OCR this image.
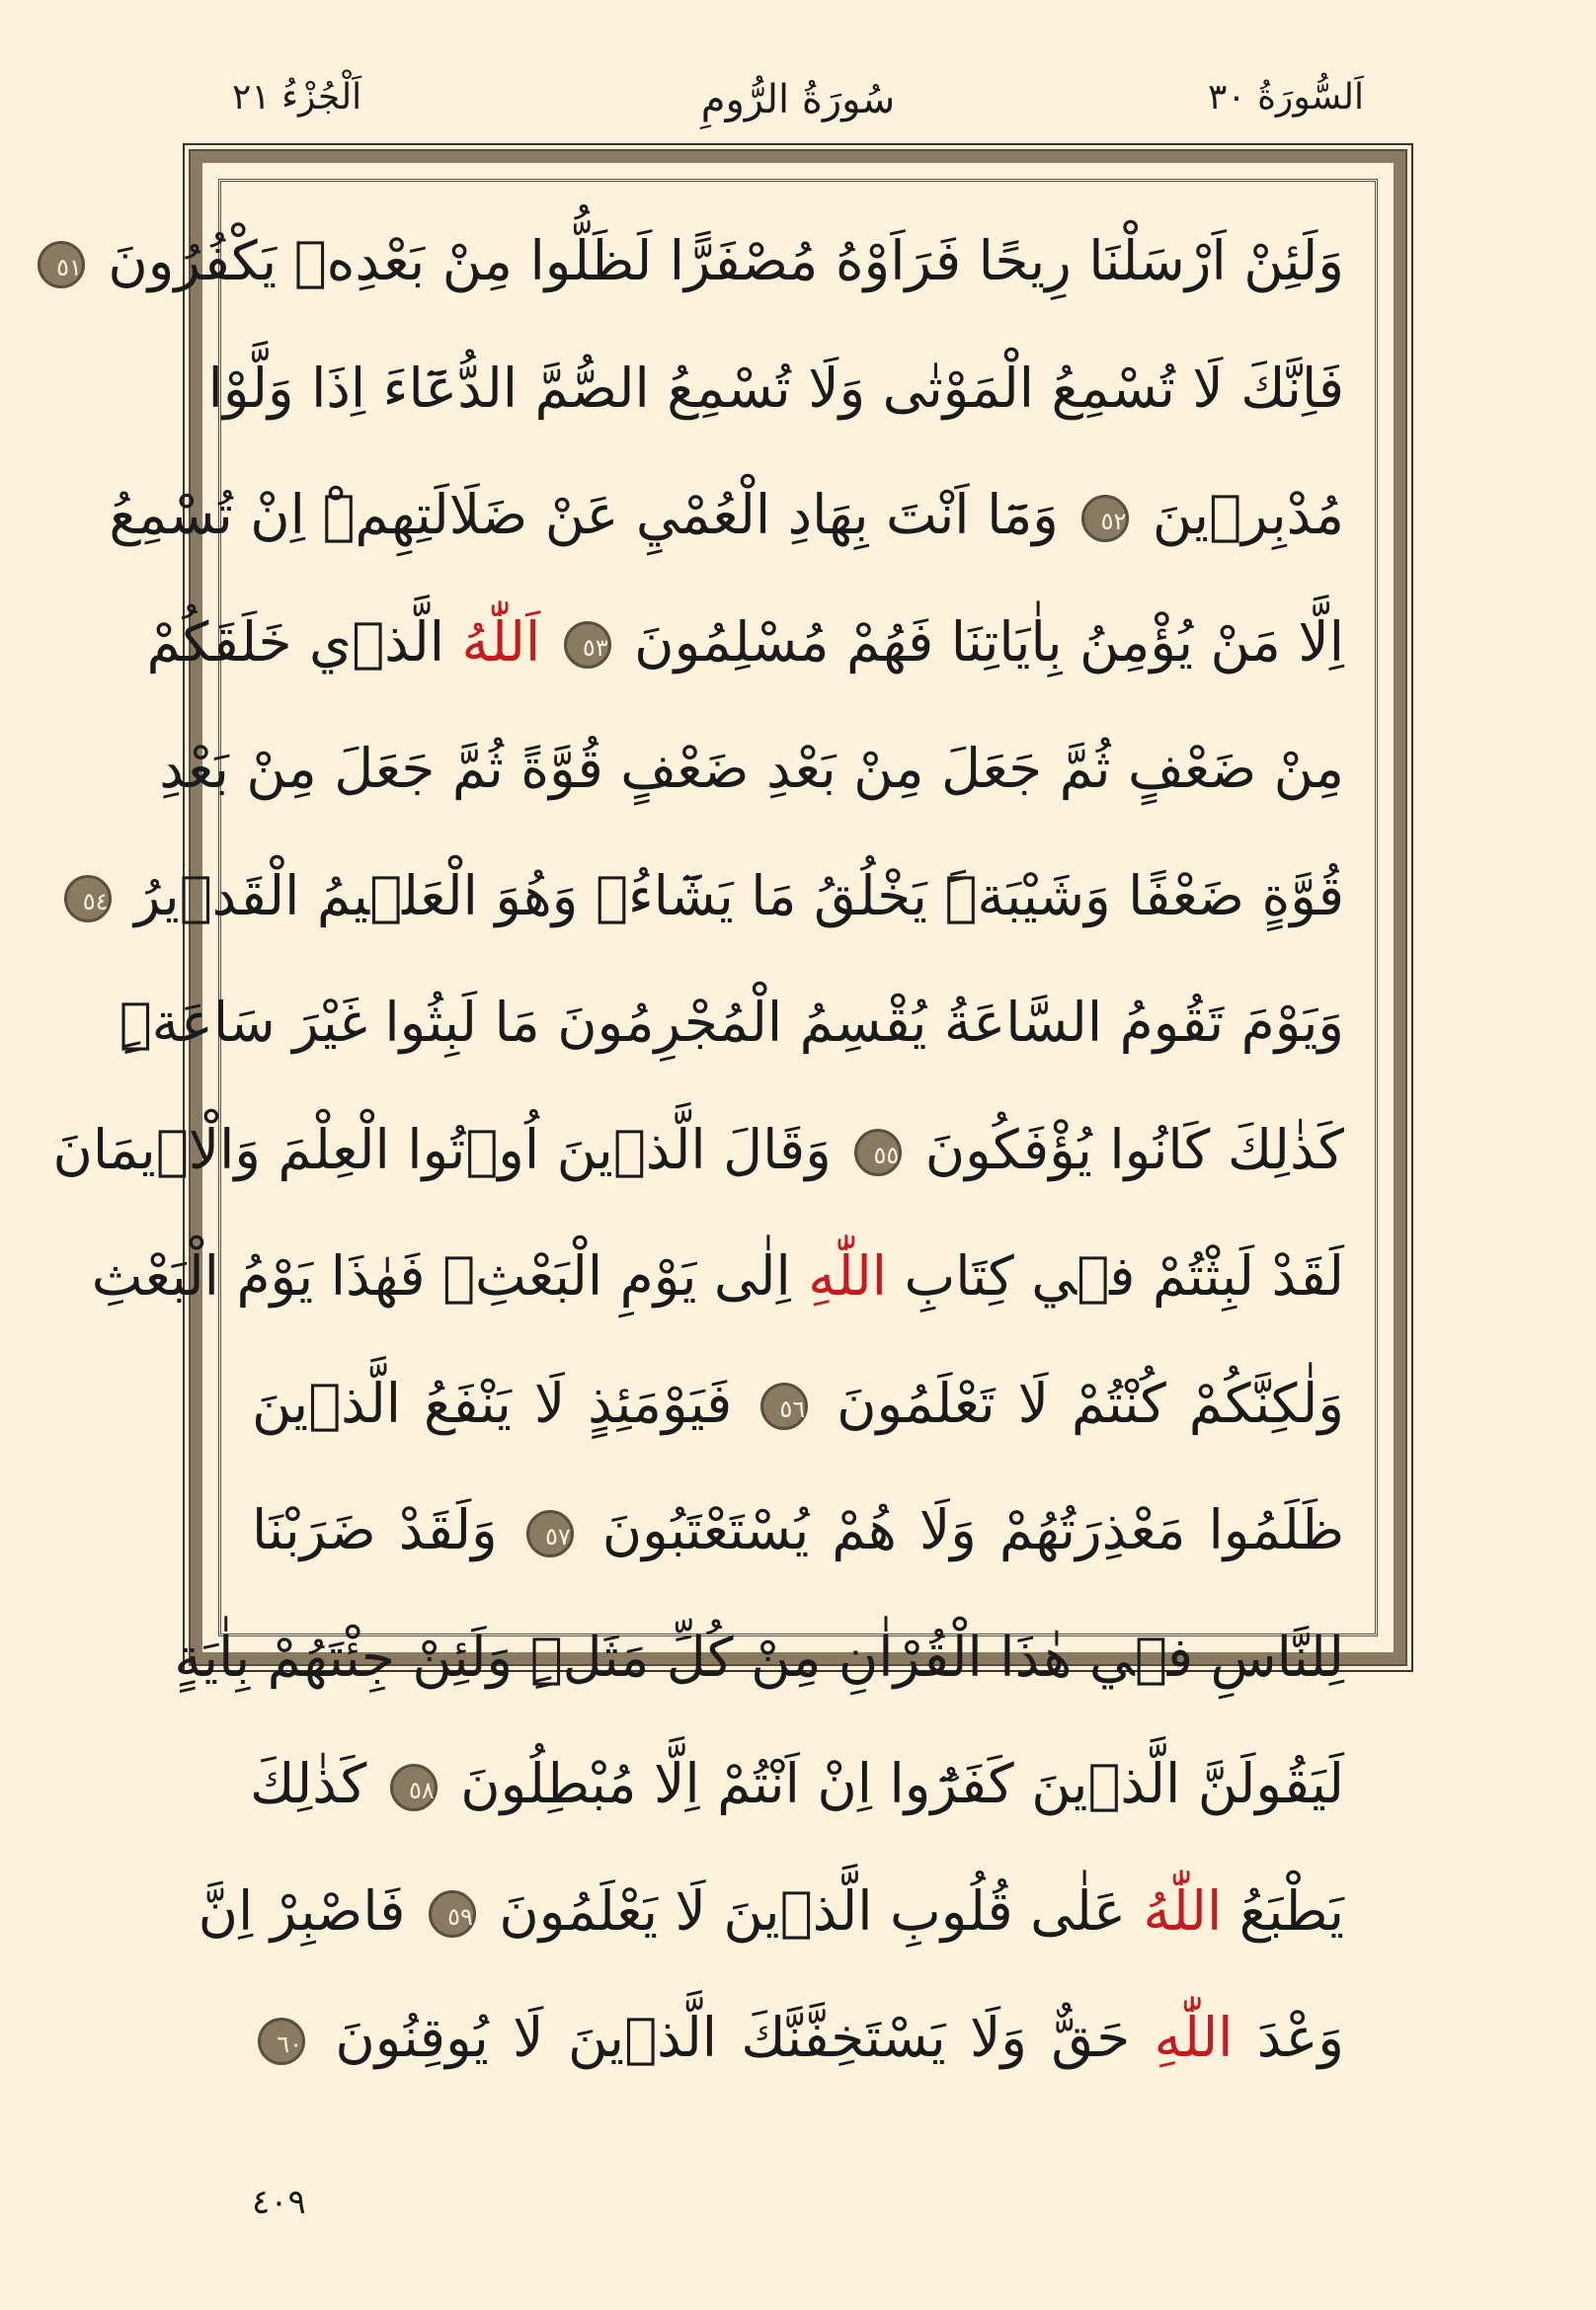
اَلسُّورَةُ ٣٠
سُورَةُ الرُّومِ
اَلْجُزْءُ ٢١
وَلَئِنْ اَرْسَلْنَا رِيحًا فَرَاَوْهُ مُصْفَرًّا لَظَلُّوا مِنْ بَعْدِه۪ يَكْفُرُونَ ٥١
فَاِنَّكَ لَا تُسْمِعُ الْمَوْتٰى وَلَا تُسْمِعُ الصُّمَّ الدُّعَٓاءَ اِذَا وَلَّوْا
مُدْبِر۪ينَ ٥٢ وَمَٓا اَنْتَ بِهَادِ الْعُمْيِ عَنْ ضَلَالَتِهِمْۜ اِنْ تُسْمِعُ
اِلَّا مَنْ يُؤْمِنُ بِاٰيَاتِنَا فَهُمْ مُسْلِمُونَ ٥٣ اَللّٰهُ الَّذ۪ي خَلَقَكُمْ
مِنْ ضَعْفٍ ثُمَّ جَعَلَ مِنْ بَعْدِ ضَعْفٍ قُوَّةً ثُمَّ جَعَلَ مِنْ بَعْدِ
قُوَّةٍ ضَعْفًا وَشَيْبَةًۜ يَخْلُقُ مَا يَشَٓاءُۚ وَهُوَ الْعَل۪يمُ الْقَد۪يرُ ٥٤
وَيَوْمَ تَقُومُ السَّاعَةُ يُقْسِمُ الْمُجْرِمُونَ مَا لَبِثُوا غَيْرَ سَاعَةٍۜ
كَذٰلِكَ كَانُوا يُؤْفَكُونَ ٥٥ وَقَالَ الَّذ۪ينَ اُو۫تُوا الْعِلْمَ وَالْا۪يمَانَ
لَقَدْ لَبِثْتُمْ ف۪ي كِتَابِ اللّٰهِ اِلٰى يَوْمِ الْبَعْثِۘ فَهٰذَا يَوْمُ الْبَعْثِ
وَلٰكِنَّكُمْ كُنْتُمْ لَا تَعْلَمُونَ ٥٦ فَيَوْمَئِذٍ لَا يَنْفَعُ الَّذ۪ينَ
ظَلَمُوا مَعْذِرَتُهُمْ وَلَا هُمْ يُسْتَعْتَبُونَ ٥٧ وَلَقَدْ ضَرَبْنَا
لِلنَّاسِ ف۪ي هٰذَا الْقُرْاٰنِ مِنْ كُلِّ مَثَلٍۜ وَلَئِنْ جِئْتَهُمْ بِاٰيَةٍ
لَيَقُولَنَّ الَّذ۪ينَ كَفَرُٓوا اِنْ اَنْتُمْ اِلَّا مُبْطِلُونَ ٥٨ كَذٰلِكَ
يَطْبَعُ اللّٰهُ عَلٰى قُلُوبِ الَّذ۪ينَ لَا يَعْلَمُونَ ٥٩ فَاصْبِرْ اِنَّ
وَعْدَ اللّٰهِ حَقٌّ وَلَا يَسْتَخِفَّنَّكَ الَّذ۪ينَ لَا يُوقِنُونَ ٦٠
٤٠٩
